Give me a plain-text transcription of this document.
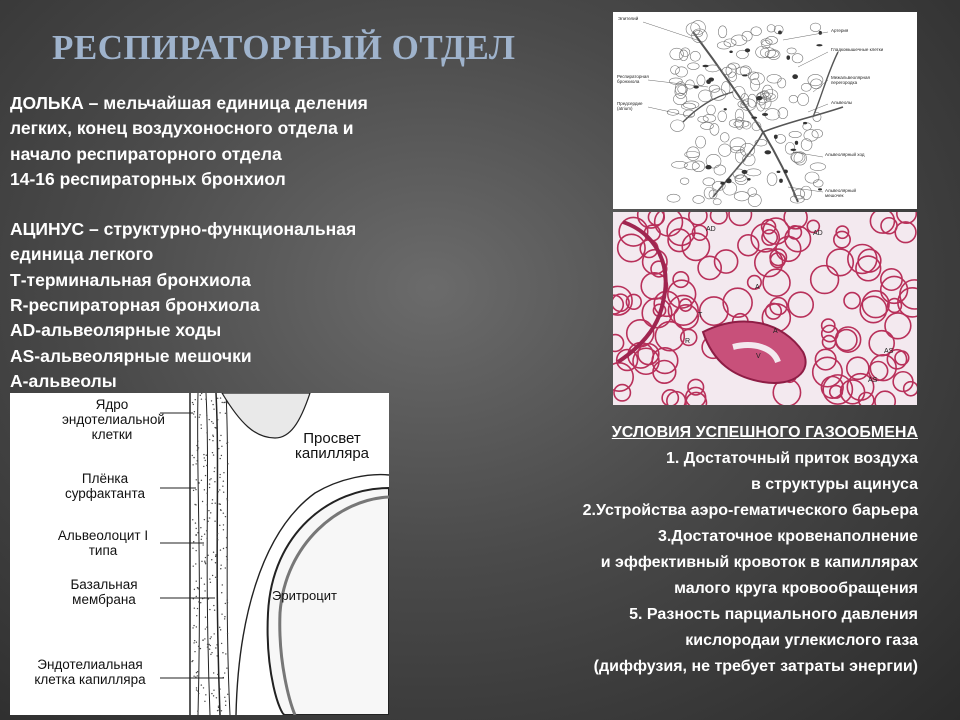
РЕСПИРАТОРНЫЙ ОТДЕЛ
ДОЛЬКА – мельчайшая единица деления
легких, конец воздухоносного отдела и
начало респираторного отдела
14-16 респираторных бронхиол
АЦИНУС – структурно-функциональная
единица легкого
Т-терминальная бронхиола
R-респираторная бронхиола
AD-альвеолярные ходы
AS-альвеолярные мешочки
A-альвеолы
Эпителий
Респираторная бронхиола
Предсердие (atrium)
Артерия
Гладкомышечные клетки
Межальвеолярная перегородка
Альвеолы
Альвеолярный ход
Альвеолярный мешочек
AD
AD
A
T
R
A
V
AS
AS
Ядро эндотелиальной клетки
Плёнка сурфактанта
Альвеолоцит I типа
Базальная мембрана
Эндотелиальная клетка капилляра
Просвет капилляра
Эритроцит
УСЛОВИЯ УСПЕШНОГО ГАЗООБМЕНА
1. Достаточный приток воздуха
в структуры ацинуса
2.Устройства аэро-гематического барьера
3.Достаточное кровенаполнение
и эффективный кровоток в капиллярах
малого круга кровообращения
5. Разность парциального давления
кислородаи углекислого газа
(диффузия, не требует затраты энергии)
